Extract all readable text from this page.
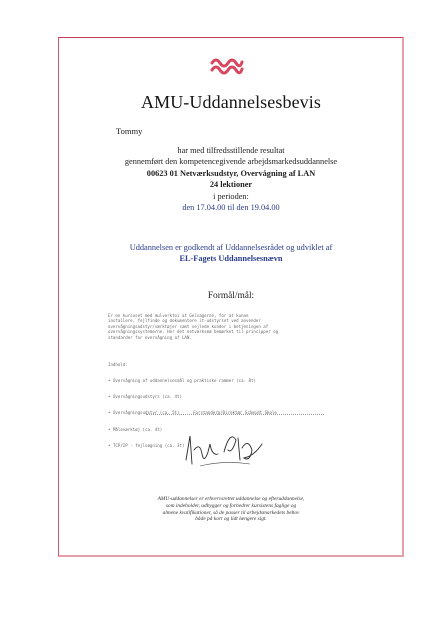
AMU-Uddannelsesbevis
Tommy
har med tilfredsstillende resultat
gennemført den kompetencegivende arbejdsmarkedsuddannelse
00623 01 Netværksudstyr, Overvågning af LAN
24 lektioner
i perioden:
den 17.04.00 til den 19.04.00
Uddannelsen er godkendt af Uddannelsesrådet og udviklet af
EL-Fagets Uddannelsesnævn
Formål/mål:
Er en kursuset med mulverktoi at Gelsagerne, for at kunne
installere, fejlfinde og dokumentere it-udstyrset ved anvender
overvågningsudstyr/værktøjer samt vejlede kunder i betjeningen af
overvågningssystemerne. Her det netværksmæ bemærket til principper og
standarder for overvågning af LAN.

Indhold:

• Overvågning af uddannelsesmål og praktiske rammer (ca. 8t)

• Overvågningsudstyrs (ca. 4t)

• Overvågningsudstyr (ca. 5t)

• Måleværktøj (ca. 4t)

• TCP/IP - fejlsøgning (ca. 3t)

Forstanderp/Direktør Schmidt Skole
AMU-uddannelser er erhvervsrettet uddannelse og efteruddannelse,
som indeholder, udbygger og forbedrer kursistens faglige og
almene kvalifikationer, så de passer til arbejdsmarkedets behov
både på kort og lidt længere sigt.
